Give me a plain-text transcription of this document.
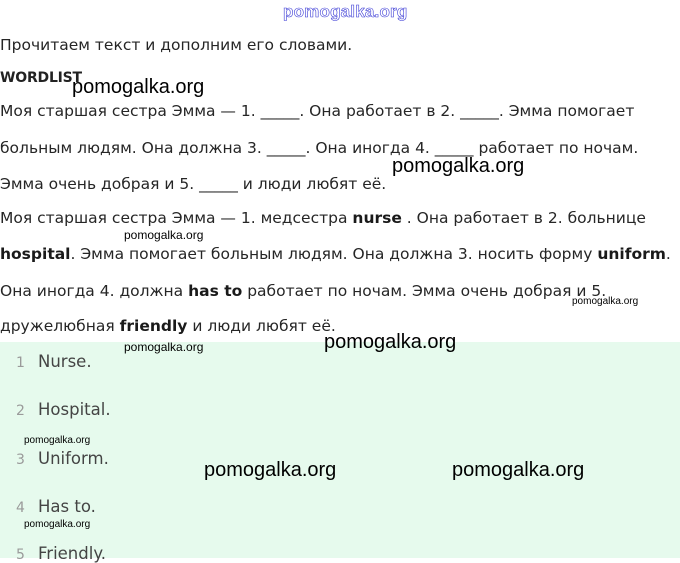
pomogalka.org
Прочитаем текст и дополним его словами.
WORDLIST
Моя старшая сестра Эмма — 1. _____. Она работает в 2. _____. Эмма помогает
больным людям. Она должна 3. _____. Она иногда 4. _____ работает по ночам.
Эмма очень добрая и 5. _____ и люди любят её.
Моя старшая сестра Эмма — 1. медсестра nurse . Она работает в 2. больнице
hospital. Эмма помогает больным людям. Она должна 3. носить форму uniform.
Она иногда 4. должна has to работает по ночам. Эмма очень добрая и 5.
дружелюбная friendly и люди любят её.
1 Nurse.
2 Hospital.
3 Uniform.
4 Has to.
5 Friendly.
pomogalka.org
pomogalka.org
pomogalka.org
pomogalka.org
pomogalka.org	pomogalka.org
pomogalka.org
pomogalka.org	pomogalka.org
pomogalka.org
